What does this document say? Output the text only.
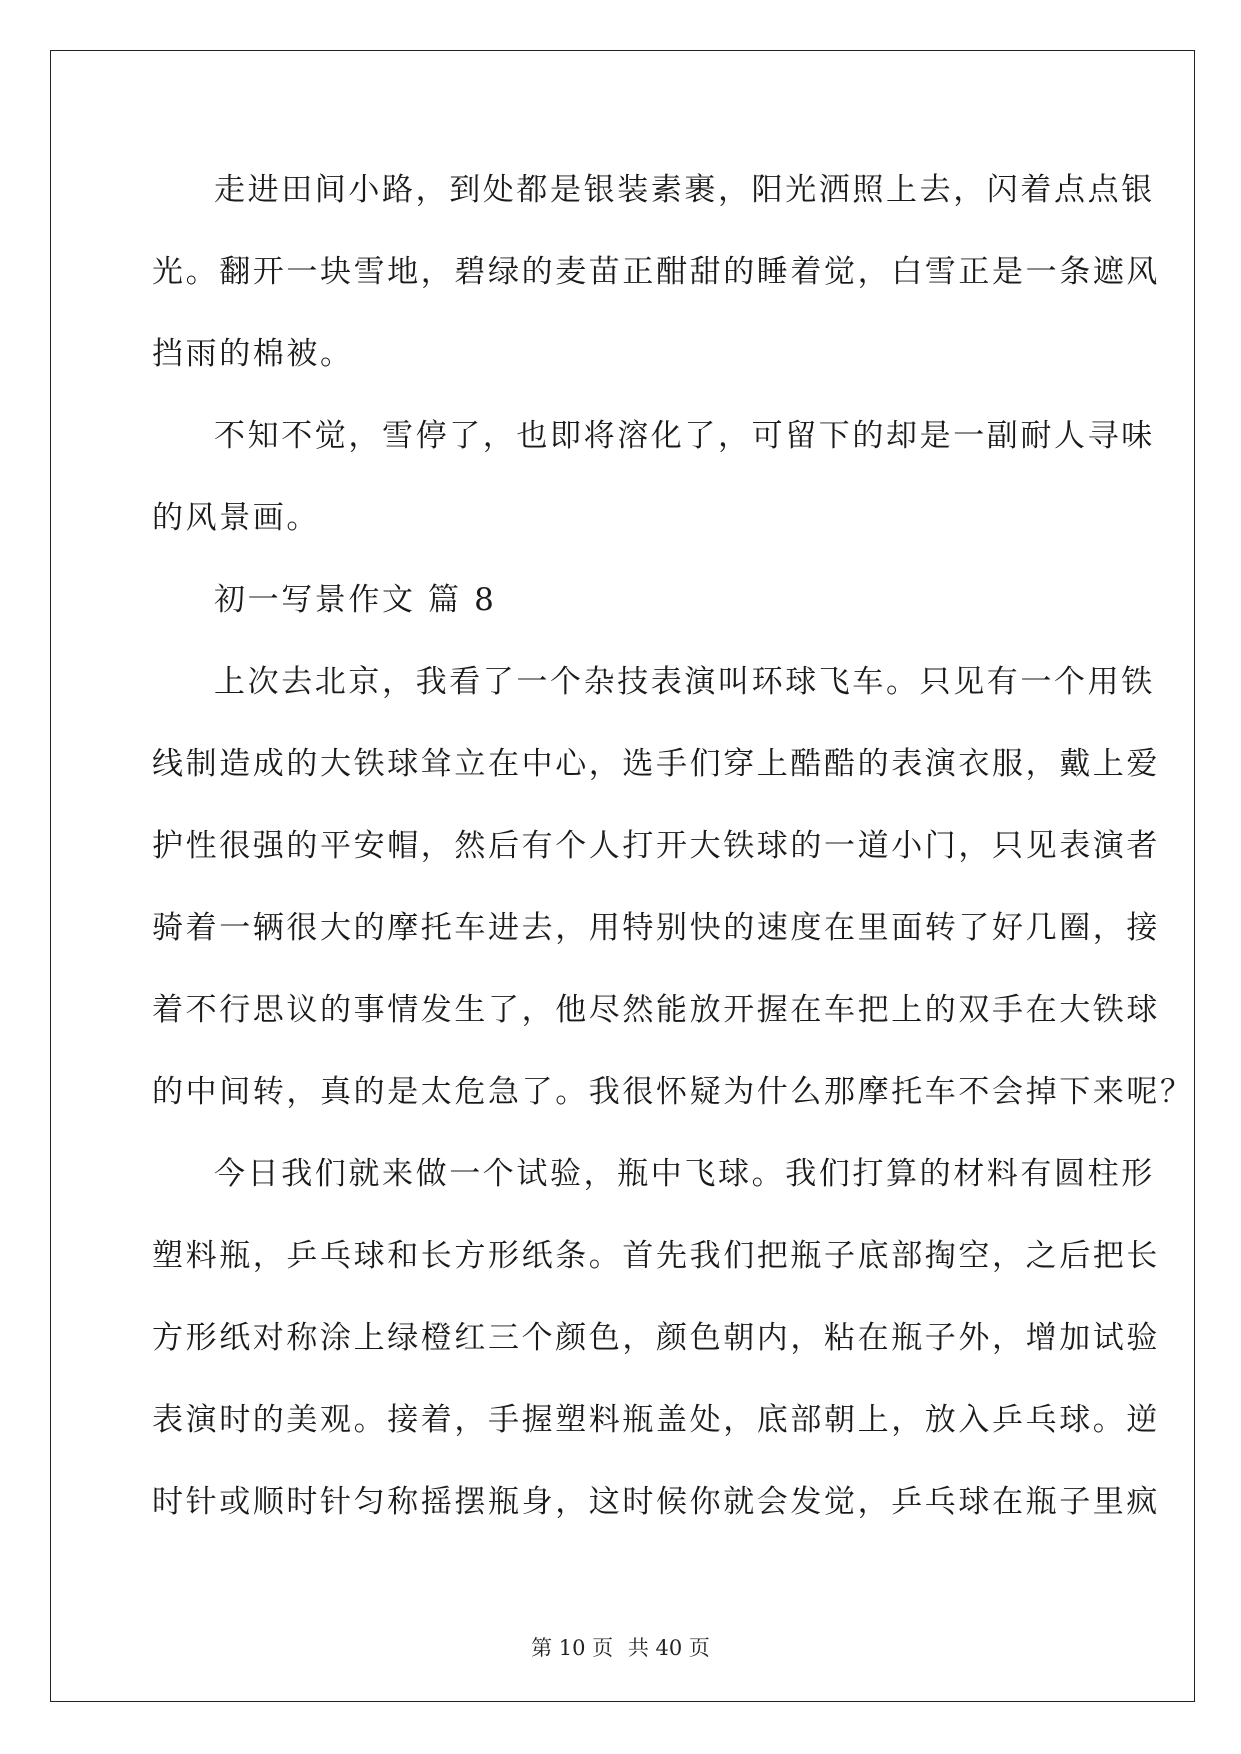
走进田间小路，到处都是银装素裹，阳光洒照上去，闪着点点银
光。翻开一块雪地，碧绿的麦苗正酣甜的睡着觉，白雪正是一条遮风
挡雨的棉被。
不知不觉，雪停了，也即将溶化了，可留下的却是一副耐人寻味
的风景画。
初一写景作文 篇 8
上次去北京，我看了一个杂技表演叫环球飞车。只见有一个用铁
线制造成的大铁球耸立在中心，选手们穿上酷酷的表演衣服，戴上爱
护性很强的平安帽，然后有个人打开大铁球的一道小门，只见表演者
骑着一辆很大的摩托车进去，用特别快的速度在里面转了好几圈，接
着不行思议的事情发生了，他尽然能放开握在车把上的双手在大铁球
的中间转，真的是太危急了。我很怀疑为什么那摩托车不会掉下来呢？
今日我们就来做一个试验，瓶中飞球。我们打算的材料有圆柱形
塑料瓶，乒乓球和长方形纸条。首先我们把瓶子底部掏空，之后把长
方形纸对称涂上绿橙红三个颜色，颜色朝内，粘在瓶子外，增加试验
表演时的美观。接着，手握塑料瓶盖处，底部朝上，放入乒乓球。逆
时针或顺时针匀称摇摆瓶身，这时候你就会发觉，乒乓球在瓶子里疯
第 10 页 共 40 页
